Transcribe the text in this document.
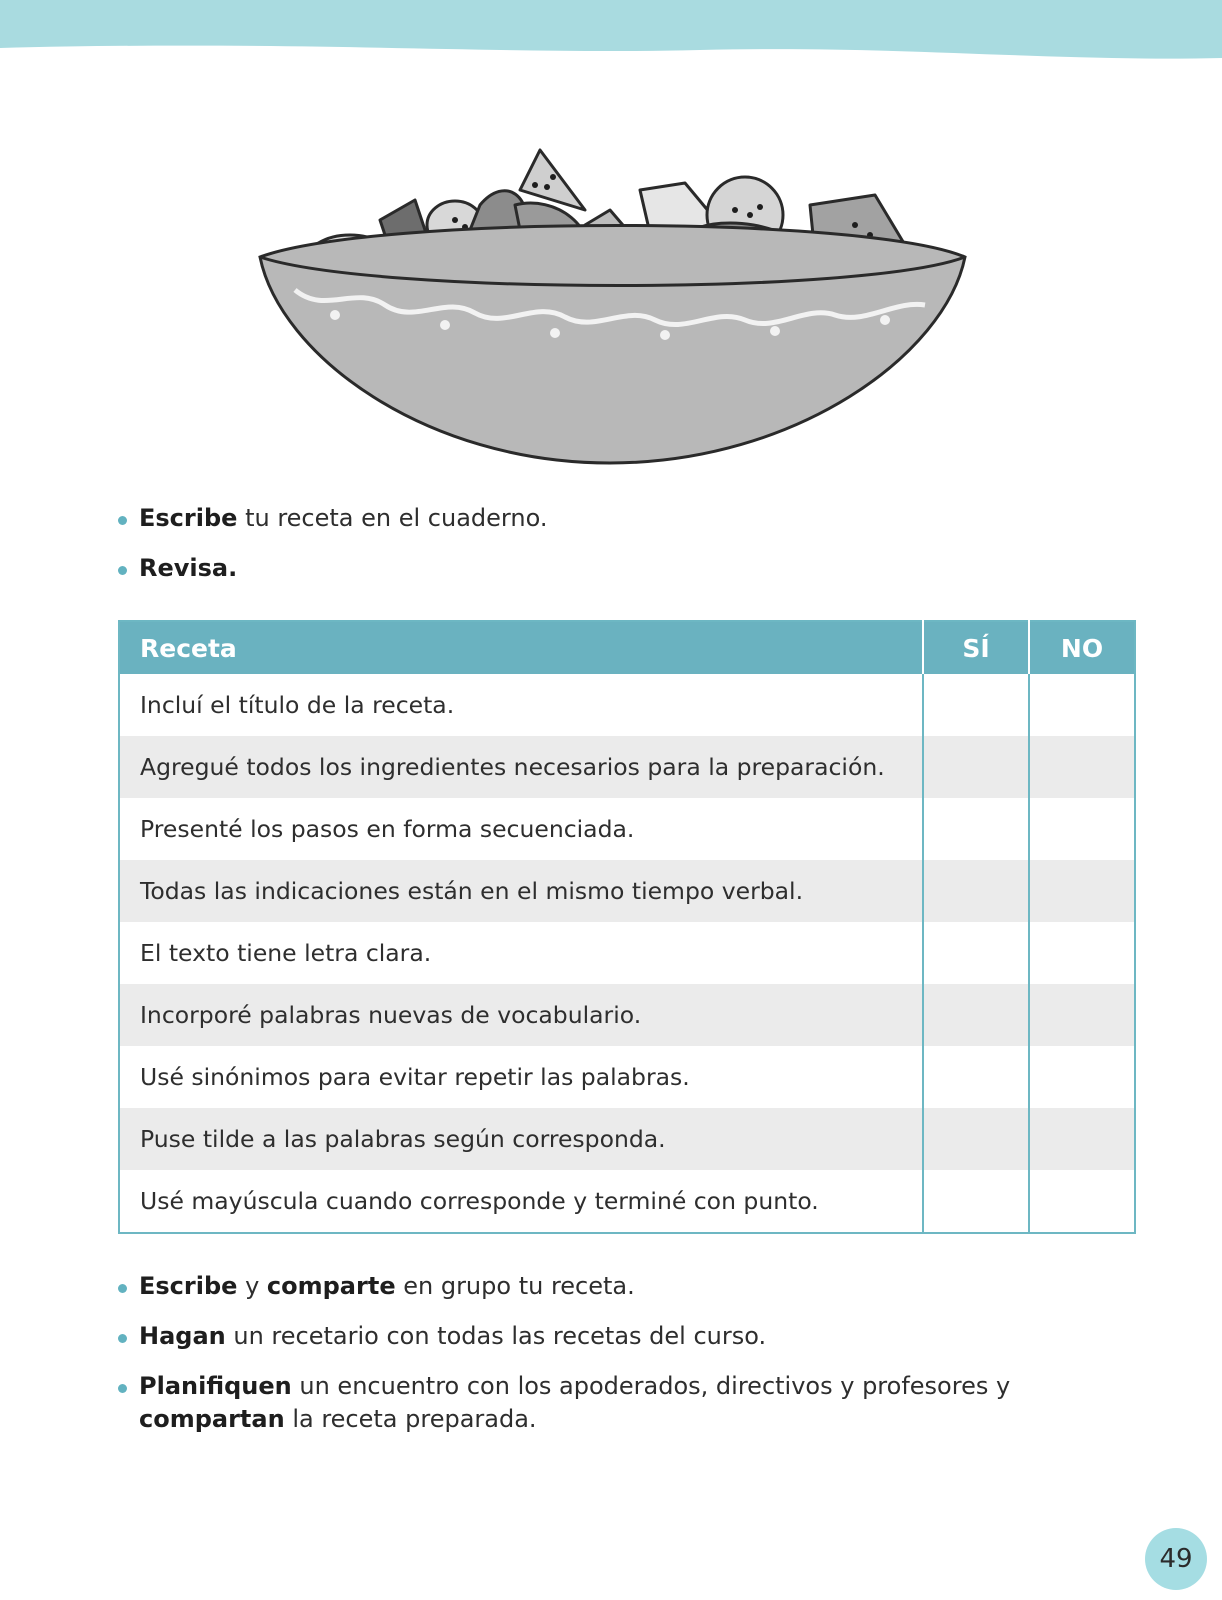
Escribe tu receta en el cuaderno.
Revisa.
Receta	SÍ	NO
Incluí el título de la receta.		
Agregué todos los ingredientes necesarios para la preparación.		
Presenté los pasos en forma secuenciada.		
Todas las indicaciones están en el mismo tiempo verbal.		
El texto tiene letra clara.		
Incorporé palabras nuevas de vocabulario.		
Usé sinónimos para evitar repetir las palabras.		
Puse tilde a las palabras según corresponda.		
Usé mayúscula cuando corresponde y terminé con punto.		
Escribe y comparte en grupo tu receta.
Hagan un recetario con todas las recetas del curso.
Planifiquen un encuentro con los apoderados, directivos y profesores y compartan la receta preparada.
49
